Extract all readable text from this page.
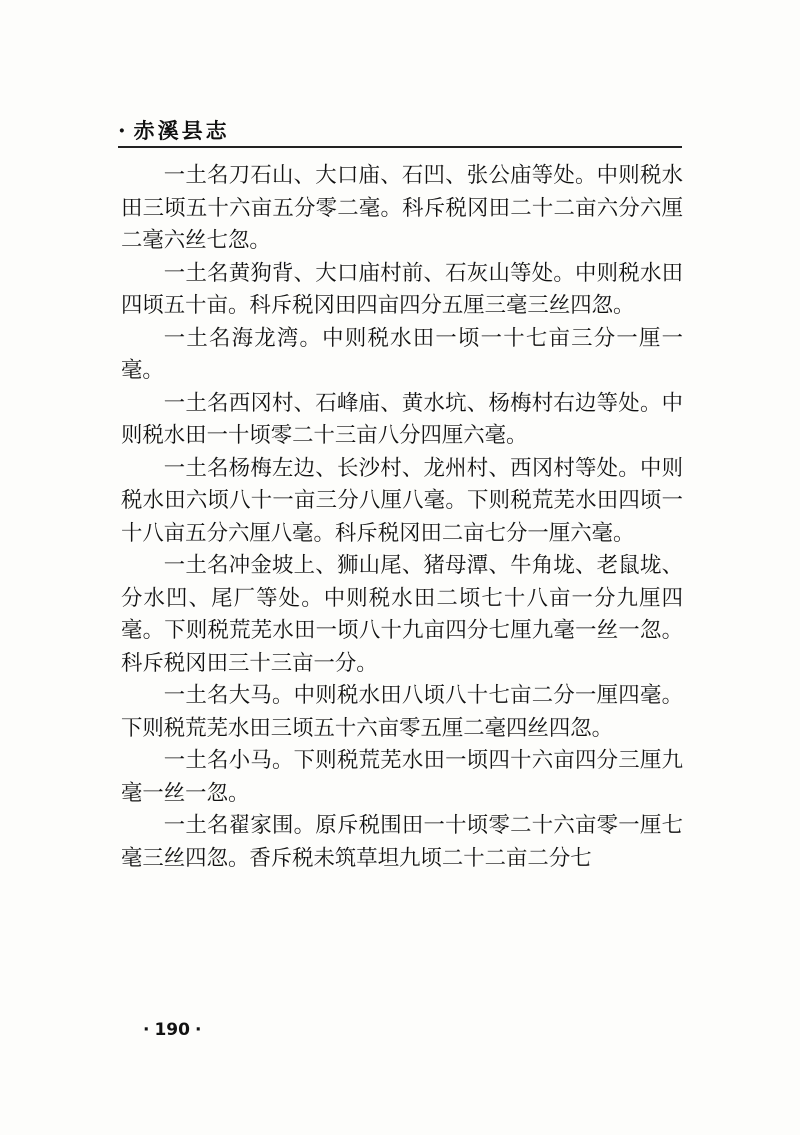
· 赤溪县志

一土名刀石山、大口庙、石凹、张公庙等处。中则税水田三顷五十六亩五分零二毫。科斥税冈田二十二亩六分六厘二毫六丝七忽。

一土名黄狗背、大口庙村前、石灰山等处。中则税水田四顷五十亩。科斥税冈田四亩四分五厘三毫三丝四忽。

一土名海龙湾。中则税水田一顷一十七亩三分一厘一毫。

一土名西冈村、石峰庙、黄水坑、杨梅村右边等处。中则税水田一十顷零二十三亩八分四厘六毫。

一土名杨梅左边、长沙村、龙州村、西冈村等处。中则税水田六顷八十一亩三分八厘八毫。下则税荒芜水田四顷一十八亩五分六厘八毫。科斥税冈田二亩七分一厘六毫。

一土名冲金坡上、狮山尾、猪母潭、牛角垅、老鼠垅、分水凹、尾厂等处。中则税水田二顷七十八亩一分九厘四毫。下则税荒芜水田一顷八十九亩四分七厘九毫一丝一忽。科斥税冈田三十三亩一分。

一土名大马。中则税水田八顷八十七亩二分一厘四毫。下则税荒芜水田三顷五十六亩零五厘二毫四丝四忽。

一土名小马。下则税荒芜水田一顷四十六亩四分三厘九毫一丝一忽。

一土名翟家围。原斥税围田一十顷零二十六亩零一厘七毫三丝四忽。香斥税未筑草坦九顷二十二亩二分七

· 190 ·
